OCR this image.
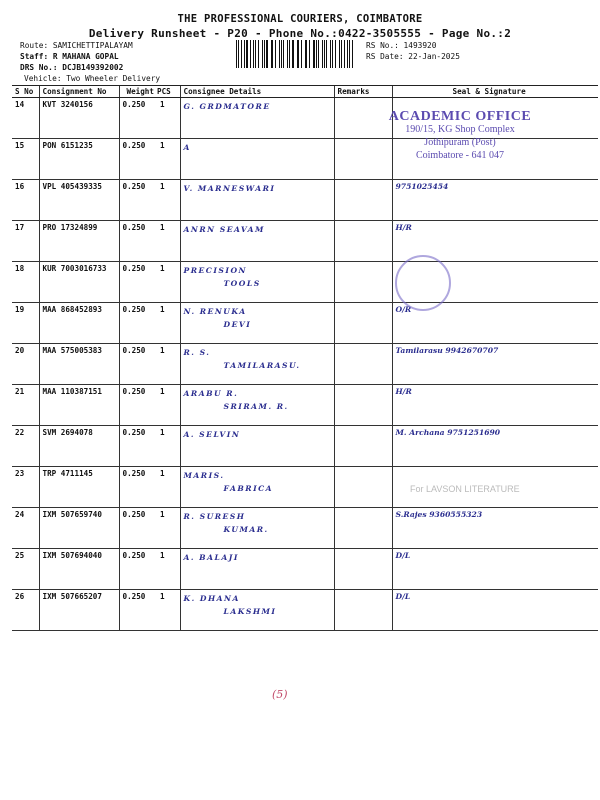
THE PROFESSIONAL COURIERS, COIMBATORE
Delivery Runsheet - P20 - Phone No.:0422-3505555 - Page No.:2
Route: SAMICHETTIPALAYAM
Staff: R MAHANA GOPAL
DRS No.: DCJB149392002
Vehicle: Two Wheeler Delivery
RS No.: 1493920
RS Date: 22-Jan-2025
S No	Consignment No	Weight	PCS	Consignee Details	Remarks	Seal & Signature
14	KVT 3240156	0.250	1	G. GRDMATORE		

15	PON 6151235	0.250	1	A		

16	VPL 405439335	0.250	1	V. MARNESWARI		9751025454
17	PRO 17324899	0.250	1	ANRN SEAVAM		H/R
18	KUR 7003016733	0.250	1	PRECISION
TOOLS		

19	MAA 868452893	0.250	1	N. RENUKA
DEVI		O/R
20	MAA 575005383	0.250	1	R. S.
TAMILARASU.		Tamilarasu 9942670707
21	MAA 110387151	0.250	1	ARABU R.
SRIRAM. R.		H/R
22	SVM 2694078	0.250	1	A. SELVIN		M. Archana 9751251690
23	TRP 4711145	0.250	1	MARIS.
FABRICA		

24	IXM 507659740	0.250	1	R. SURESH
KUMAR.		S.Rajes 9360555323
25	IXM 507694040	0.250	1	A. BALAJI		D/L
26	IXM 507665207	0.250	1	K. DHANA
LAKSHMI		D/L
ACADEMIC OFFICE
190/15, KG Shop Complex
Jothipuram (Post)
Coimbatore - 641 047
For LAVSON LITERATURE
(5)
